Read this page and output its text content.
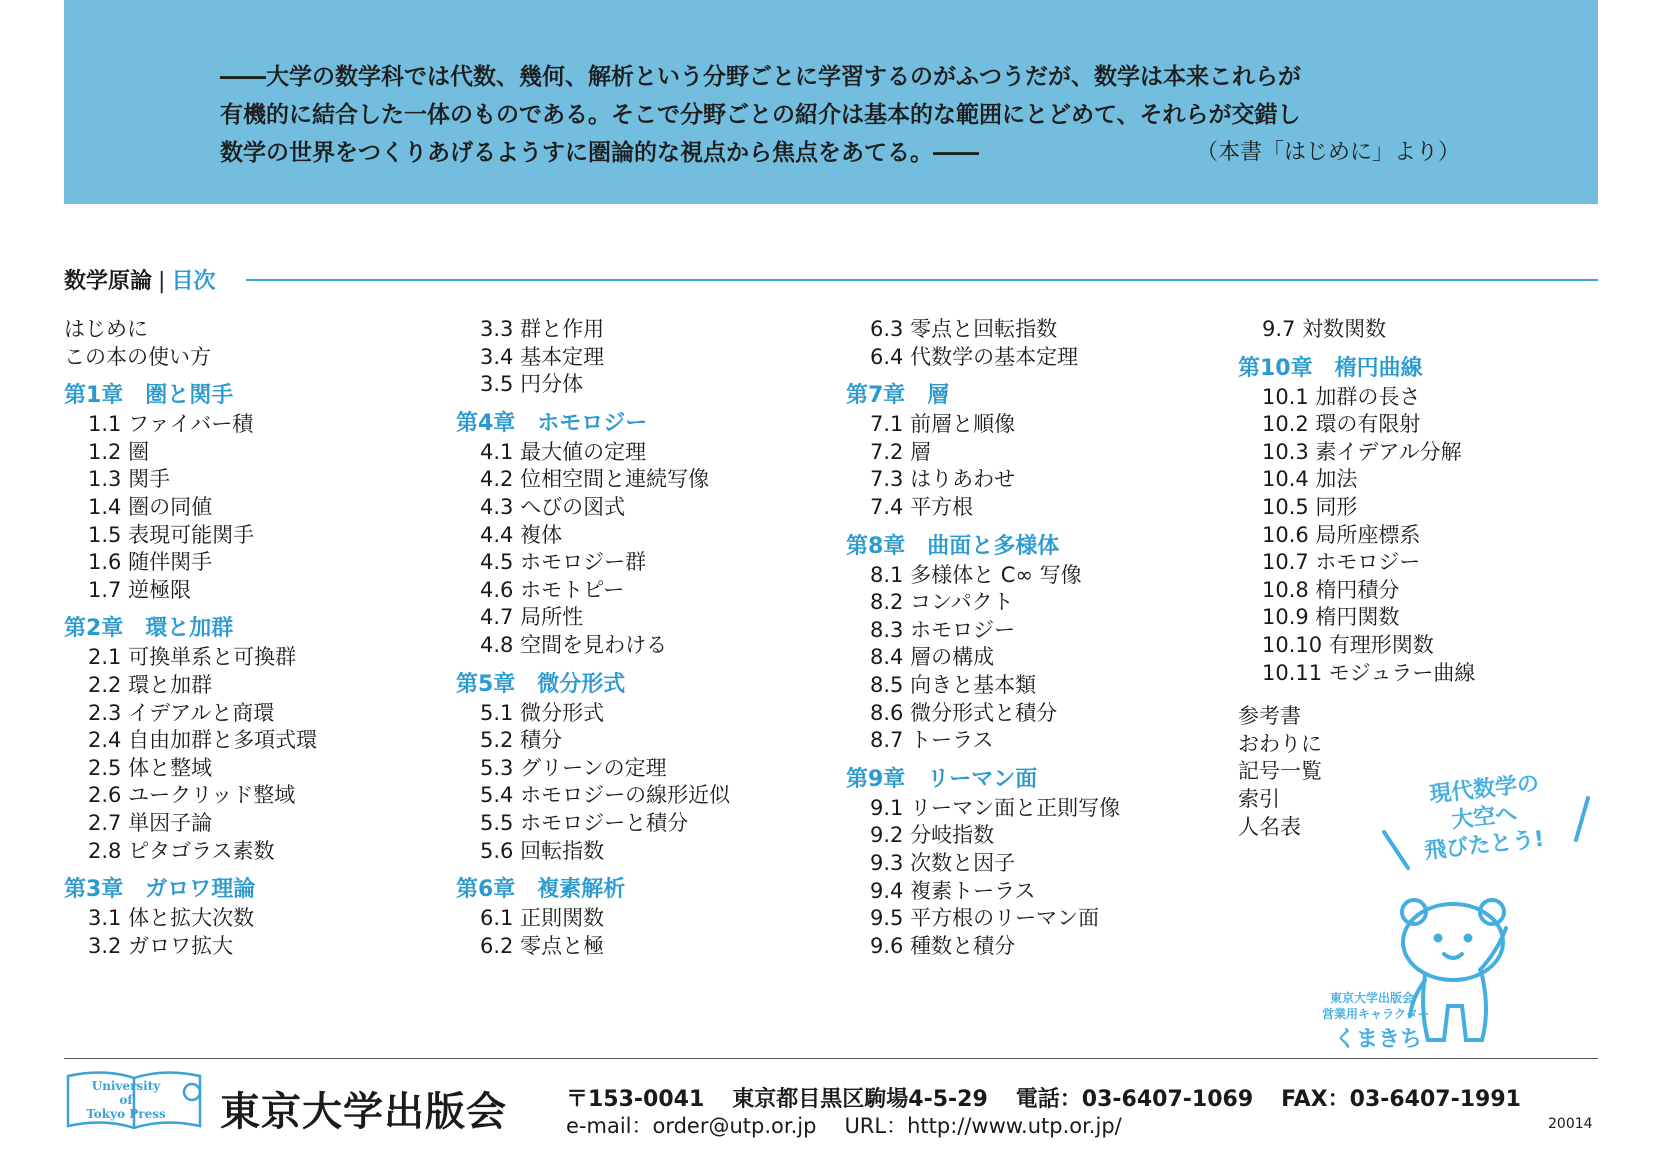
――大学の数学科では代数、幾何、解析という分野ごとに学習するのがふつうだが、数学は本来これらが
有機的に結合した一体のものである。そこで分野ごとの紹介は基本的な範囲にとどめて、それらが交錯し
数学の世界をつくりあげるようすに圏論的な視点から焦点をあてる。――	（本書「はじめに」より）
数学原論 | 目次
はじめに
この本の使い方
第1章　圏と関手
1.1 ファイバー積
1.2 圏
1.3 関手
1.4 圏の同値
1.5 表現可能関手
1.6 随伴関手
1.7 逆極限
第2章　環と加群
2.1 可換単系と可換群
2.2 環と加群
2.3 イデアルと商環
2.4 自由加群と多項式環
2.5 体と整域
2.6 ユークリッド整域
2.7 単因子論
2.8 ピタゴラス素数
第3章　ガロワ理論
3.1 体と拡大次数
3.2 ガロワ拡大
3.3 群と作用
3.4 基本定理
3.5 円分体
第4章　ホモロジー
4.1 最大値の定理
4.2 位相空間と連続写像
4.3 へびの図式
4.4 複体
4.5 ホモロジー群
4.6 ホモトピー
4.7 局所性
4.8 空間を見わける
第5章　微分形式
5.1 微分形式
5.2 積分
5.3 グリーンの定理
5.4 ホモロジーの線形近似
5.5 ホモロジーと積分
5.6 回転指数
第6章　複素解析
6.1 正則関数
6.2 零点と極
6.3 零点と回転指数
6.4 代数学の基本定理
第7章　層
7.1 前層と順像
7.2 層
7.3 はりあわせ
7.4 平方根
第8章　曲面と多様体
8.1 多様体と C∞ 写像
8.2 コンパクト
8.3 ホモロジー
8.4 層の構成
8.5 向きと基本類
8.6 微分形式と積分
8.7 トーラス
第9章　リーマン面
9.1 リーマン面と正則写像
9.2 分岐指数
9.3 次数と因子
9.4 複素トーラス
9.5 平方根のリーマン面
9.6 種数と積分
9.7 対数関数
第10章　楕円曲線
10.1 加群の長さ
10.2 環の有限射
10.3 素イデアル分解
10.4 加法
10.5 同形
10.6 局所座標系
10.7 ホモロジー
10.8 楕円積分
10.9 楕円関数
10.10 有理形関数
10.11 モジュラー曲線
参考書
おわりに
記号一覧
索引
人名表
現代数学の
大空へ
飛びたとう!
東京大学出版会
営業用キャラクター
くまきち
University
of
Tokyo Press 東京大学出版会	〒153-0041 東京都目黒区駒場4-5-29 電話：03-6407-1069 FAX：03-6407-1991
e-mail：order@utp.or.jp URL：http://www.utp.or.jp/	20014
